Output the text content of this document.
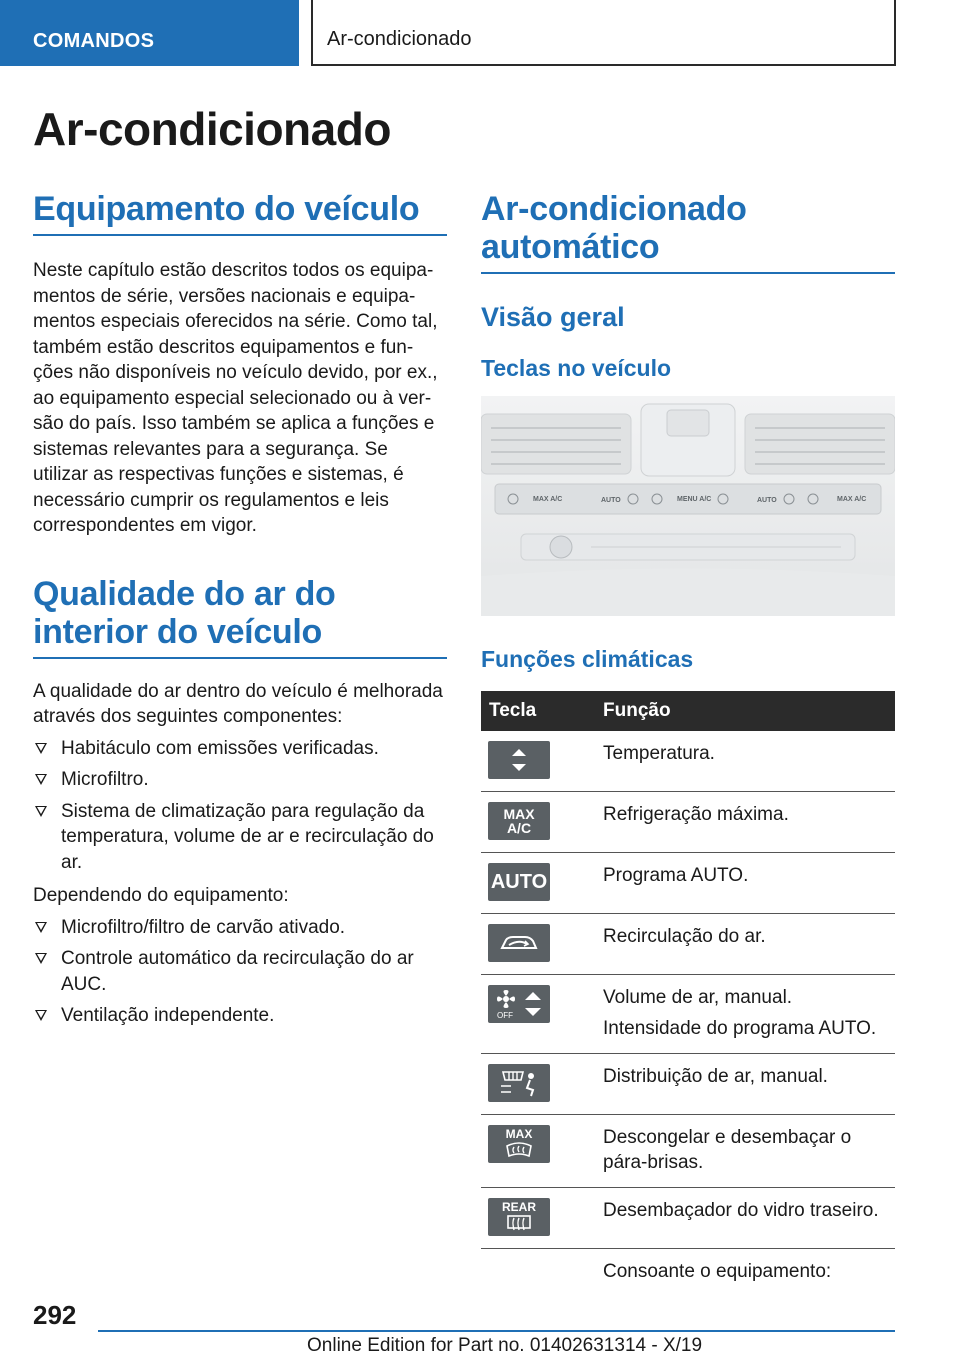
COMANDOS	Ar-condicionado
Ar-condicionado
Equipamento do veículo

Neste capítulo estão descritos todos os equipa-mentos de série, versões nacionais e equipa-mentos especiais oferecidos na série. Como tal, também estão descritos equipamentos e fun-ções não disponíveis no veículo devido, por ex., ao equipamento especial selecionado ou à ver-são do país. Isso também se aplica a funções e sistemas relevantes para a segurança. Se utilizar as respectivas funções e sistemas, é necessário cumprir os regulamentos e leis correspondentes em vigor.

Qualidade do ar do interior do veículo

A qualidade do ar dentro do veículo é melhorada através dos seguintes componentes:

Habitáculo com emissões verificadas.
Microfiltro.
Sistema de climatização para regulação da temperatura, volume de ar e recirculação do ar.

Dependendo do equipamento:

Microfiltro/filtro de carvão ativado.
Controle automático da recirculação do ar AUC.
Ventilação independente.
Ar-condicionado automático
Visão geral
Teclas no veículo
MAX A/C	AUTO	MENU A/C	AUTO	MAX A/C
Funções climáticas
Tecla	Função

	Temperatura.

MAX A/C	Refrigeração máxima.

AUTO	Programa AUTO.

	Recirculação do ar.

OFF	Volume de ar, manual.
Intensidade do programa AUTO.

	Distribuição de ar, manual.

MAX	Descongelar e desembaçar o pára-brisas.

REAR	Desembaçador do vidro traseiro.
	Consoante o equipamento:
292
Online Edition for Part no. 01402631314 - X/19
